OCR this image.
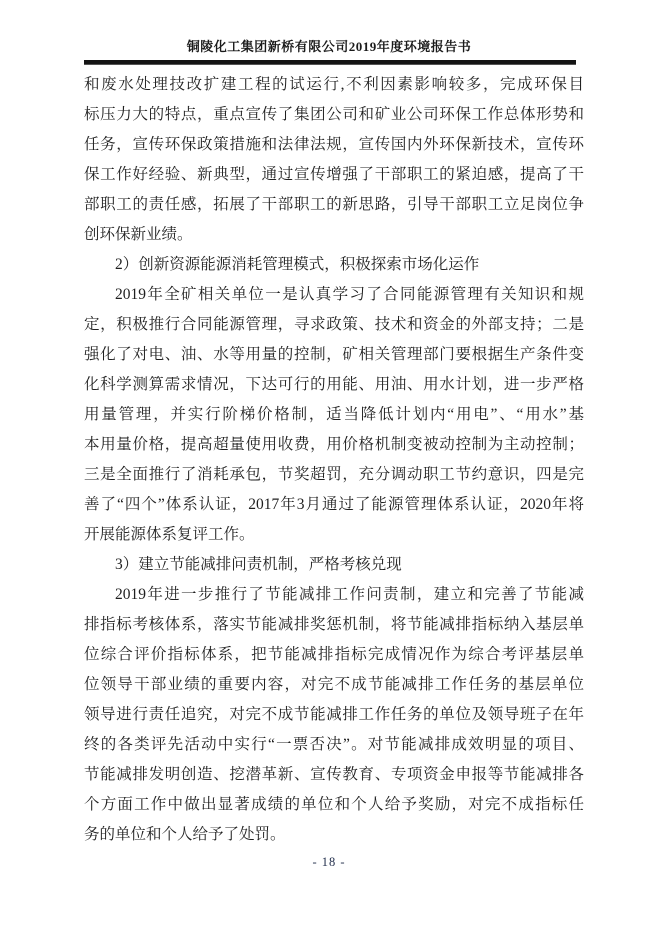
铜陵化工集团新桥有限公司2019年度环境报告书
和废水处理技改扩建工程的试运行,不利因素影响较多，完成环保目
标压力大的特点，重点宣传了集团公司和矿业公司环保工作总体形势和
任务，宣传环保政策措施和法律法规，宣传国内外环保新技术，宣传环
保工作好经验、新典型，通过宣传增强了干部职工的紧迫感，提高了干
部职工的责任感，拓展了干部职工的新思路，引导干部职工立足岗位争
创环保新业绩。
2）创新资源能源消耗管理模式，积极探索市场化运作
2019年全矿相关单位一是认真学习了合同能源管理有关知识和规
定，积极推行合同能源管理，寻求政策、技术和资金的外部支持；二是
强化了对电、油、水等用量的控制，矿相关管理部门要根据生产条件变
化科学测算需求情况，下达可行的用能、用油、用水计划，进一步严格
用量管理，并实行阶梯价格制，适当降低计划内“用电”、“用水”基
本用量价格，提高超量使用收费，用价格机制变被动控制为主动控制；
三是全面推行了消耗承包，节奖超罚，充分调动职工节约意识，四是完
善了“四个”体系认证，2017年3月通过了能源管理体系认证，2020年将
开展能源体系复评工作。
3）建立节能减排问责机制，严格考核兑现
2019年进一步推行了节能减排工作问责制，建立和完善了节能减
排指标考核体系，落实节能减排奖惩机制，将节能减排指标纳入基层单
位综合评价指标体系，把节能减排指标完成情况作为综合考评基层单
位领导干部业绩的重要内容，对完不成节能减排工作任务的基层单位
领导进行责任追究，对完不成节能减排工作任务的单位及领导班子在年
终的各类评先活动中实行“一票否决”。对节能减排成效明显的项目、
节能减排发明创造、挖潜革新、宣传教育、专项资金申报等节能减排各
个方面工作中做出显著成绩的单位和个人给予奖励，对完不成指标任
务的单位和个人给予了处罚。
- 18 -
